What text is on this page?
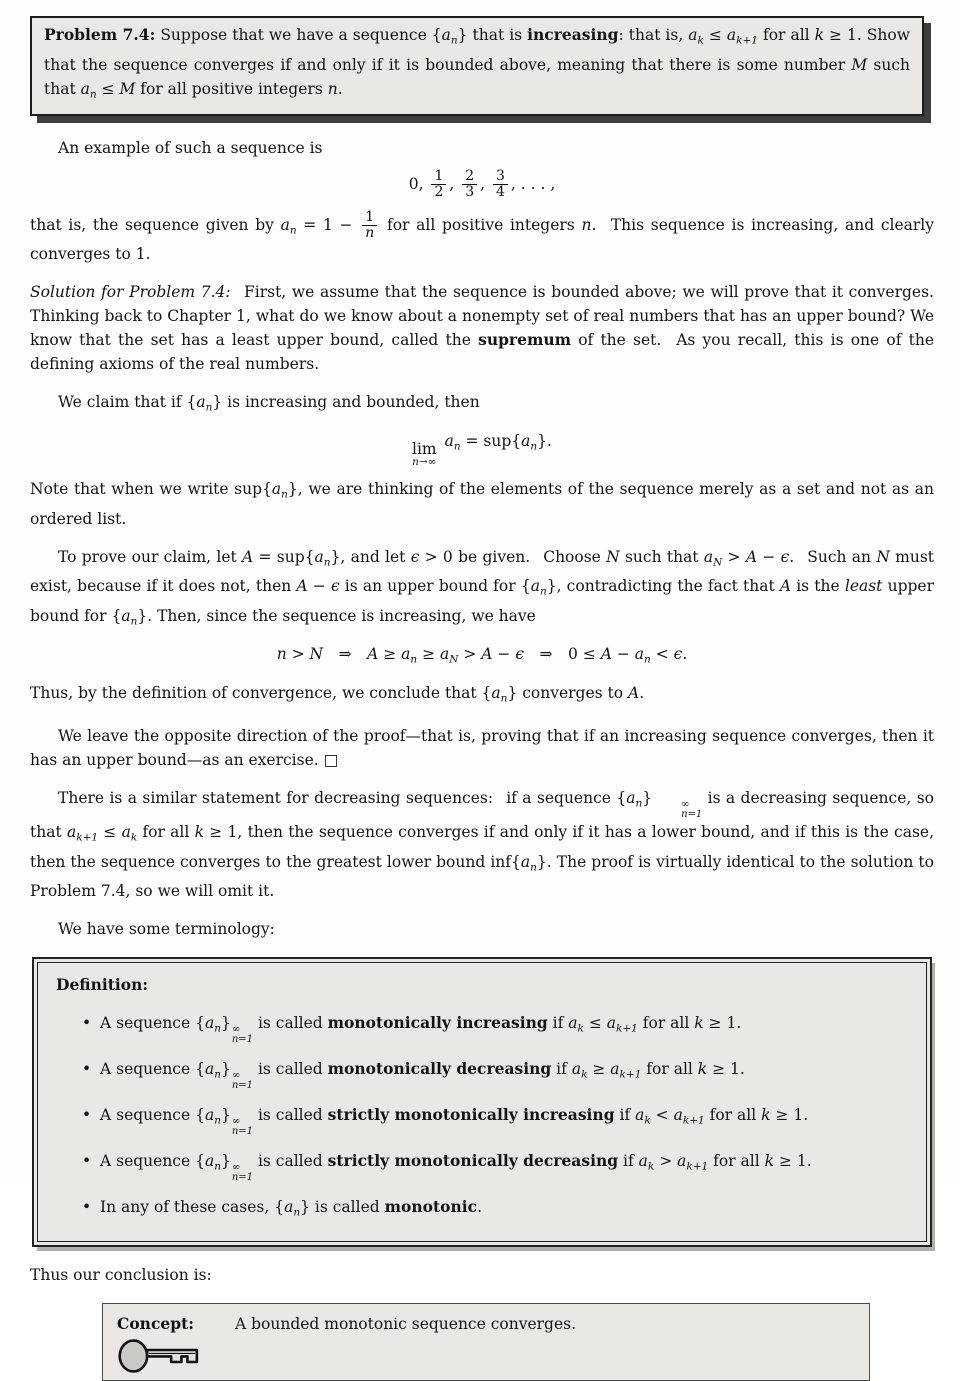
Problem 7.4: Suppose that we have a sequence $\{a_n\}$ that is increasing: that is, $a_k \le a_{k+1}$ for all k ≥ 1. Show that the sequence converges if and only if it is bounded above, meaning that there is some number M such that $a_n \le M$ for all positive integers n.

An example of such a sequence is

0, $\frac{1}{2}$ , $\frac{2}{3}$ , $\frac{3}{4}$ , . . . ,

that is, the sequence given by $a_n = 1 - \frac{1}{n}$ for all positive integers n.  This sequence is increasing, and clearly converges to 1.

Solution for Problem 7.4:  First, we assume that the sequence is bounded above; we will prove that it converges. Thinking back to Chapter 1, what do we know about a nonempty set of real numbers that has an upper bound? We know that the set has a least upper bound, called the supremum of the set.  As you recall, this is one of the defining axioms of the real numbers.

We claim that if $\{a_n\}$ is increasing and bounded, then

lim
n→∞
$a_n = sup\{a_n\}$.

Note that when we write $sup\{a_n\}$, we are thinking of the elements of the sequence merely as a set and not as an ordered list.

To prove our claim, let $A = sup\{a_n\}$, and let ϵ > 0 be given.  Choose N such that $a_N > A - \epsilon$.  Such an N must exist, because if it does not, then A − ϵ is an upper bound for $\{a_n\}$, contradicting the fact that A is the least upper bound for $\{a_n\}$. Then, since the sequence is increasing, we have

n > N ⇒ $A \ge a_n \ge a_N > A - \epsilon$ ⇒ $0 \le A - a_n < \epsilon$.

Thus, by the definition of convergence, we conclude that $\{a_n\}$ converges to A.

We leave the opposite direction of the proof—that is, proving that if an increasing sequence converges, then it has an upper bound—as an exercise. □

There is a similar statement for decreasing sequences:  if a sequence $\{a_n\}$	∞
n=1
is a decreasing sequence, so that $a_{k+1} \le a_k$ for all k ≥ 1, then the sequence converges if and only if it has a lower bound, and if this is the case, then the sequence converges to the greatest lower bound $inf\{a_n\}$. The proof is virtually identical to the solution to Problem 7.4, so we will omit it.

We have some terminology:

Definition:

• A sequence $\{a_n\}$ ∞
n=1
is called monotonically increasing if $a_k \le a_{k+1}$ for all k ≥ 1.
• A sequence $\{a_n\}$ ∞
n=1
is called monotonically decreasing if $a_k \ge a_{k+1}$ for all k ≥ 1.
• A sequence $\{a_n\}$ ∞
n=1
is called strictly monotonically increasing if $a_k < a_{k+1}$ for all k ≥ 1.
• A sequence $\{a_n\}$ ∞
n=1
is called strictly monotonically decreasing if $a_k > a_{k+1}$ for all k ≥ 1.
• In any of these cases, $\{a_n\}$ is called monotonic.

Thus our conclusion is:

Concept:	A bounded monotonic sequence converges.
